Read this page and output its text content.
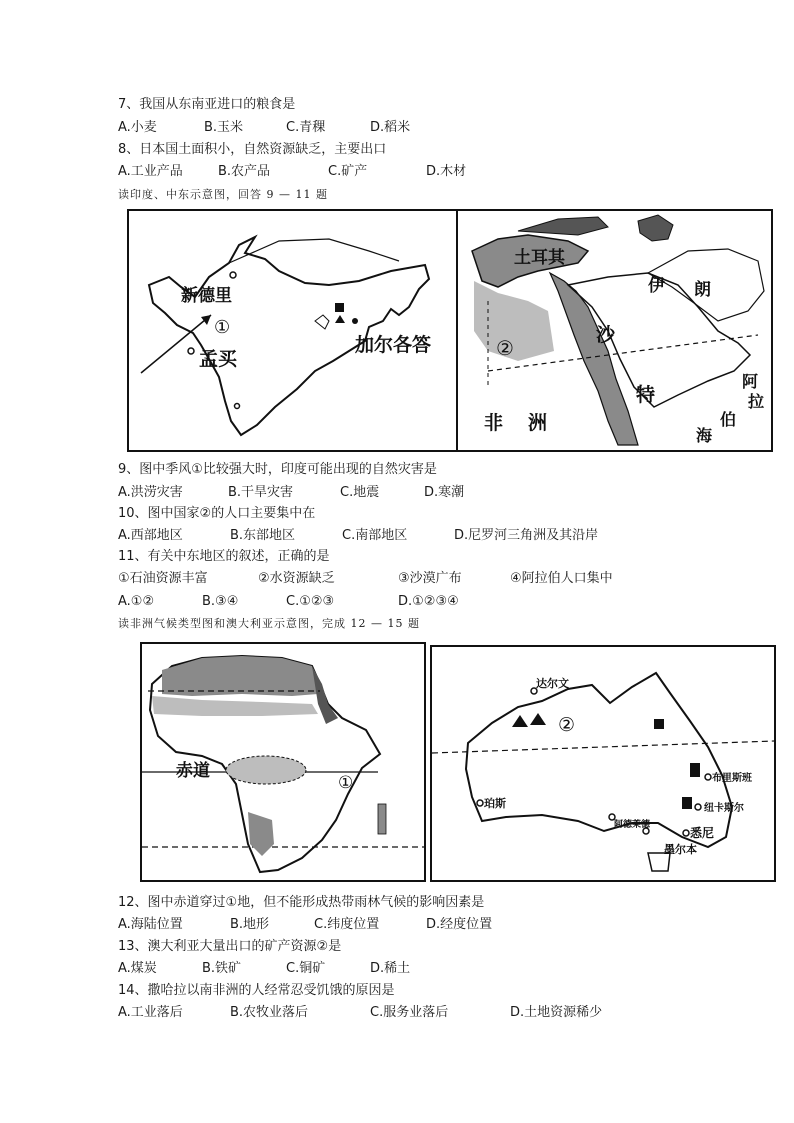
7、我国从东南亚进口的粮食是
A.小麦	B.玉米	C.青稞	D.稻米
8、日本国土面积小，自然资源缺乏，主要出口
A.工业产品	B.农产品	C.矿产	D.木材
读印度、中东示意图，回答 9 — 11 题
新德里
①
孟买
加尔各答
土耳其
伊 朗
②
沙
特
阿
拉
伯
海
非 洲
9、图中季风①比较强大时，印度可能出现的自然灾害是
A.洪涝灾害	B.干旱灾害	C.地震	D.寒潮
10、图中国家②的人口主要集中在
A.西部地区	B.东部地区	C.南部地区	D.尼罗河三角洲及其沿岸
11、有关中东地区的叙述，正确的是
①石油资源丰富	②水资源缺乏	③沙漠广布	④阿拉伯人口集中
A.①②	B.③④	C.①②③	D.①②③④
读非洲气候类型图和澳大利亚示意图，完成 12 — 15 题
赤道
①
达尔文
②
珀斯
布里斯班
纽卡斯尔
悉尼
墨尔本
阿德莱德
12、图中赤道穿过①地，但不能形成热带雨林气候的影响因素是
A.海陆位置	B.地形	C.纬度位置	D.经度位置
13、澳大利亚大量出口的矿产资源②是
A.煤炭	B.铁矿	C.铜矿	D.稀土
14、撒哈拉以南非洲的人经常忍受饥饿的原因是
A.工业落后	B.农牧业落后	C.服务业落后	D.土地资源稀少
